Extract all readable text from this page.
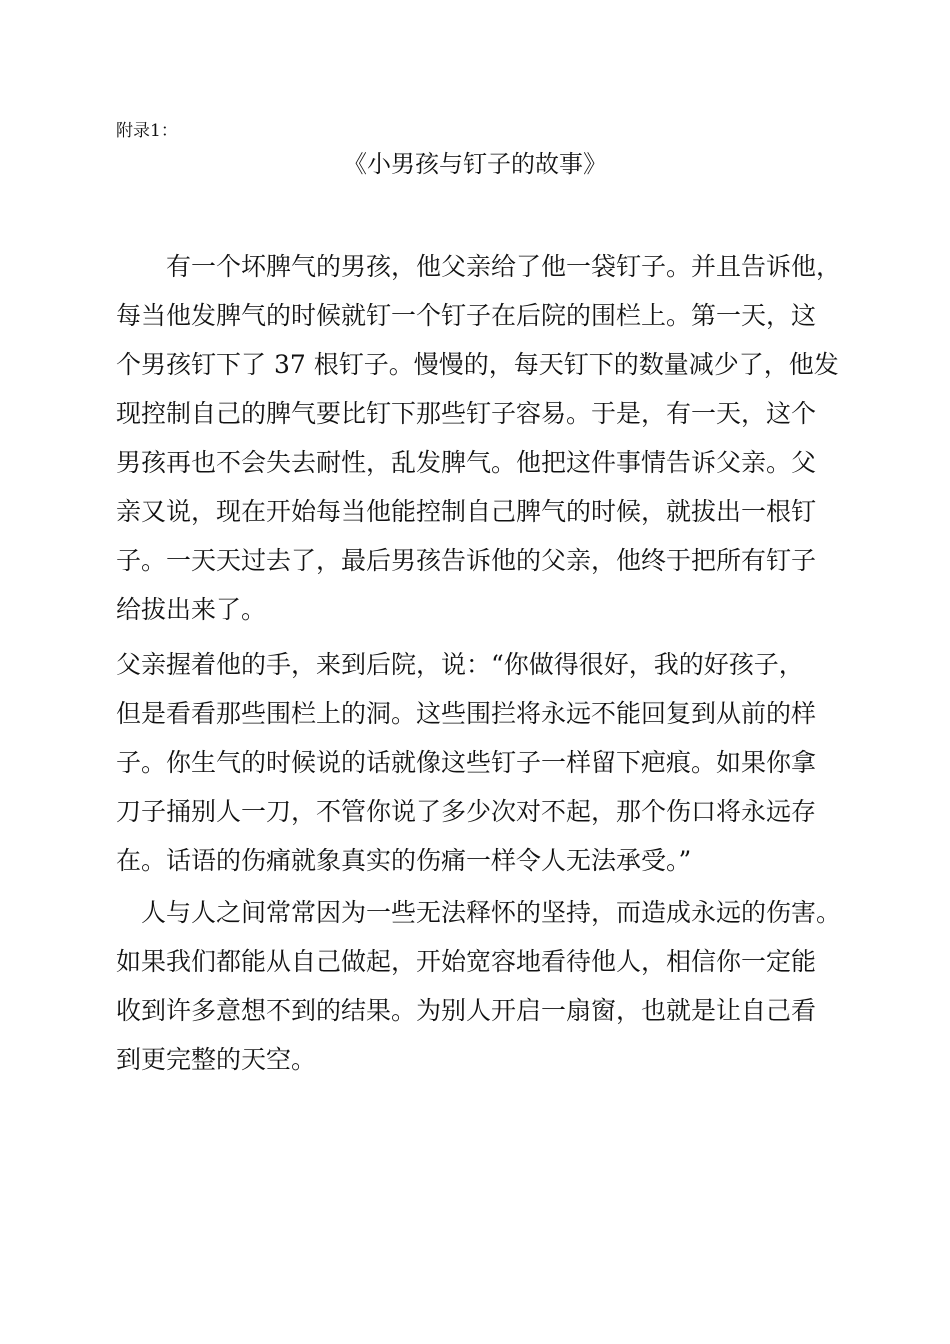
附录1：
《小男孩与钉子的故事》
　　有一个坏脾气的男孩，他父亲给了他一袋钉子。并且告诉他，
每当他发脾气的时候就钉一个钉子在后院的围栏上。第一天，这
个男孩钉下了 37 根钉子。慢慢的，每天钉下的数量减少了，他发
现控制自己的脾气要比钉下那些钉子容易。于是，有一天，这个
男孩再也不会失去耐性，乱发脾气。他把这件事情告诉父亲。父
亲又说，现在开始每当他能控制自己脾气的时候，就拔出一根钉
子。一天天过去了，最后男孩告诉他的父亲，他终于把所有钉子
给拔出来了。
父亲握着他的手，来到后院，说：“你做得很好，我的好孩子，
但是看看那些围栏上的洞。这些围拦将永远不能回复到从前的样
子。你生气的时候说的话就像这些钉子一样留下疤痕。如果你拿
刀子捅别人一刀，不管你说了多少次对不起，那个伤口将永远存
在。话语的伤痛就象真实的伤痛一样令人无法承受。”
　人与人之间常常因为一些无法释怀的坚持，而造成永远的伤害。
如果我们都能从自己做起，开始宽容地看待他人，相信你一定能
收到许多意想不到的结果。为别人开启一扇窗，也就是让自己看
到更完整的天空。
